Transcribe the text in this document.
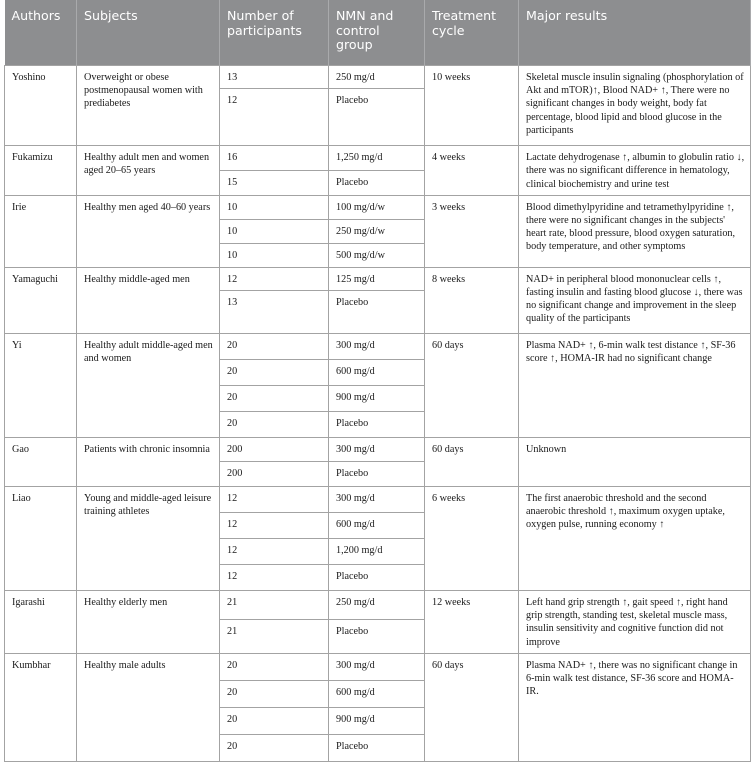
Authors	Subjects	Number of participants	NMN and control group	Treatment cycle	Major results
Yoshino	Overweight or obese postmenopausal women with prediabetes	13	250 mg/d	10 weeks	Skeletal muscle insulin signaling (phosphorylation of Akt and mTOR)↑, Blood NAD+ ↑, There were no significant changes in body weight, body fat percentage, blood lipid and blood glucose in the participants
		12	Placebo		
Fukamizu	Healthy adult men and women aged 20–65 years	16	1,250 mg/d	4 weeks	Lactate dehydrogenase ↑, albumin to globulin ratio ↓, there was no significant difference in hematology, clinical biochemistry and urine test
		15	Placebo		
Irie	Healthy men aged 40–60 years	10	100 mg/d/w	3 weeks	Blood dimethylpyridine and tetramethylpyridine ↑, there were no significant changes in the subjects' heart rate, blood pressure, blood oxygen saturation, body temperature, and other symptoms
		10	250 mg/d/w		
		10	500 mg/d/w		
Yamaguchi	Healthy middle-aged men	12	125 mg/d	8 weeks	NAD+ in peripheral blood mononuclear cells ↑, fasting insulin and fasting blood glucose ↓, there was no significant change and improvement in the sleep quality of the participants
		13	Placebo		
Yi	Healthy adult middle-aged men and women	20	300 mg/d	60 days	Plasma NAD+ ↑, 6-min walk test distance ↑, SF-36 score ↑, HOMA-IR had no significant change
		20	600 mg/d		
		20	900 mg/d		
		20	Placebo		
Gao	Patients with chronic insomnia	200	300 mg/d	60 days	Unknown
		200	Placebo		
Liao	Young and middle-aged leisure training athletes	12	300 mg/d	6 weeks	The first anaerobic threshold and the second anaerobic threshold ↑, maximum oxygen uptake, oxygen pulse, running economy ↑
		12	600 mg/d		
		12	1,200 mg/d		
		12	Placebo		
Igarashi	Healthy elderly men	21	250 mg/d	12 weeks	Left hand grip strength ↑, gait speed ↑, right hand grip strength, standing test, skeletal muscle mass, insulin sensitivity and cognitive function did not improve
		21	Placebo		
Kumbhar	Healthy male adults	20	300 mg/d	60 days	Plasma NAD+ ↑, there was no significant change in 6-min walk test distance, SF-36 score and HOMA-IR.
		20	600 mg/d		
		20	900 mg/d		
		20	Placebo		
